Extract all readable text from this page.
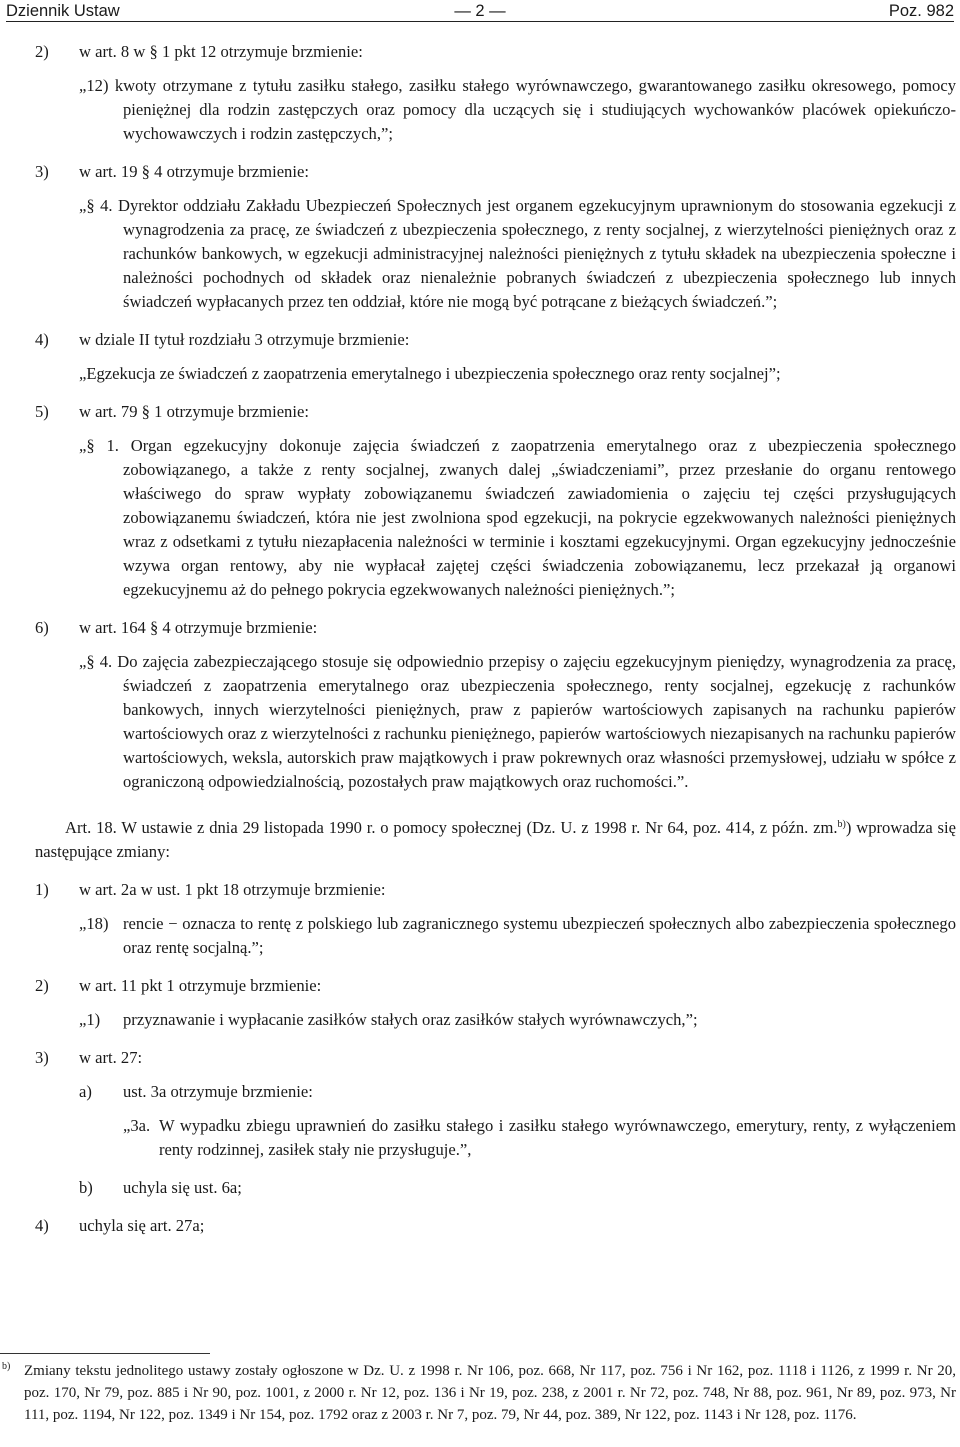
Dziennik Ustaw	— 2 —	Poz. 982

2) w art. 8 w § 1 pkt 12 otrzymuje brzmienie:

„12) kwoty otrzymane z tytułu zasiłku stałego, zasiłku stałego wyrównawczego, gwarantowanego zasiłku okresowego, pomocy pieniężnej dla rodzin zastępczych oraz pomocy dla uczących się i studiujących wychowanków placówek opiekuńczo-wychowawczych i rodzin zastępczych,”;

3) w art. 19 § 4 otrzymuje brzmienie:

„§ 4. Dyrektor oddziału Zakładu Ubezpieczeń Społecznych jest organem egzekucyjnym uprawnionym do stosowania egzekucji z wynagrodzenia za pracę, ze świadczeń z ubezpieczenia społecznego, z renty socjalnej, z wierzytelności pieniężnych oraz z rachunków bankowych, w egzekucji administracyjnej należności pieniężnych z tytułu składek na ubezpieczenia społeczne i należności pochodnych od składek oraz nienależnie pobranych świadczeń z ubezpieczenia społecznego lub innych świadczeń wypłacanych przez ten oddział, które nie mogą być potrącane z bieżących świadczeń.”;

4) w dziale II tytuł rozdziału 3 otrzymuje brzmienie:

„Egzekucja ze świadczeń z zaopatrzenia emerytalnego i ubezpieczenia społecznego oraz renty socjalnej”;

5) w art. 79 § 1 otrzymuje brzmienie:

„§ 1. Organ egzekucyjny dokonuje zajęcia świadczeń z zaopatrzenia emerytalnego oraz z ubezpieczenia społecznego zobowiązanego, a także z renty socjalnej, zwanych dalej „świadczeniami”, przez przesłanie do organu rentowego właściwego do spraw wypłaty zobowiązanemu świadczeń zawiadomienia o zajęciu tej części przysługujących zobowiązanemu świadczeń, która nie jest zwolniona spod egzekucji, na pokrycie egzekwowanych należności pieniężnych wraz z odsetkami z tytułu niezapłacenia należności w terminie i kosztami egzekucyjnymi. Organ egzekucyjny jednocześnie wzywa organ rentowy, aby nie wypłacał zajętej części świadczenia zobowiązanemu, lecz przekazał ją organowi egzekucyjnemu aż do pełnego pokrycia egzekwowanych należności pieniężnych.”;

6) w art. 164 § 4 otrzymuje brzmienie:

„§ 4. Do zajęcia zabezpieczającego stosuje się odpowiednio przepisy o zajęciu egzekucyjnym pieniędzy, wynagrodzenia za pracę, świadczeń z zaopatrzenia emerytalnego oraz ubezpieczenia społecznego, renty socjalnej, egzekucję z rachunków bankowych, innych wierzytelności pieniężnych, praw z papierów wartościowych zapisanych na rachunku papierów wartościowych oraz z wierzytelności z rachunku pieniężnego, papierów wartościowych niezapisanych na rachunku papierów wartościowych, weksla, autorskich praw majątkowych i praw pokrewnych oraz własności przemysłowej, udziału w spółce z ograniczoną odpowiedzialnością, pozostałych praw majątkowych oraz ruchomości.”.

Art. 18. W ustawie z dnia 29 listopada 1990 r. o pomocy społecznej (Dz. U. z 1998 r. Nr 64, poz. 414, z późn. zm.$^{b)}$) wprowadza się następujące zmiany:

1) w art. 2a w ust. 1 pkt 18 otrzymuje brzmienie:

„18) rencie − oznacza to rentę z polskiego lub zagranicznego systemu ubezpieczeń społecznych albo zabezpieczenia społecznego oraz rentę socjalną.”;

2) w art. 11 pkt 1 otrzymuje brzmienie:

„1) przyznawanie i wypłacanie zasiłków stałych oraz zasiłków stałych wyrównawczych,”;

3) w art. 27:

a) ust. 3a otrzymuje brzmienie:

„3a. W wypadku zbiegu uprawnień do zasiłku stałego i zasiłku stałego wyrównawczego, emerytury, renty, z wyłączeniem renty rodzinnej, zasiłek stały nie przysługuje.”,

b) uchyla się ust. 6a;

4) uchyla się art. 27a;

b) Zmiany tekstu jednolitego ustawy zostały ogłoszone w Dz. U. z 1998 r. Nr 106, poz. 668, Nr 117, poz. 756 i Nr 162, poz. 1118 i 1126, z 1999 r. Nr 20, poz. 170, Nr 79, poz. 885 i Nr 90, poz. 1001, z 2000 r. Nr 12, poz. 136 i Nr 19, poz. 238, z 2001 r. Nr 72, poz. 748, Nr 88, poz. 961, Nr 89, poz. 973, Nr 111, poz. 1194, Nr 122, poz. 1349 i Nr 154, poz. 1792 oraz z 2003 r. Nr 7, poz. 79, Nr 44, poz. 389, Nr 122, poz. 1143 i Nr 128, poz. 1176.
